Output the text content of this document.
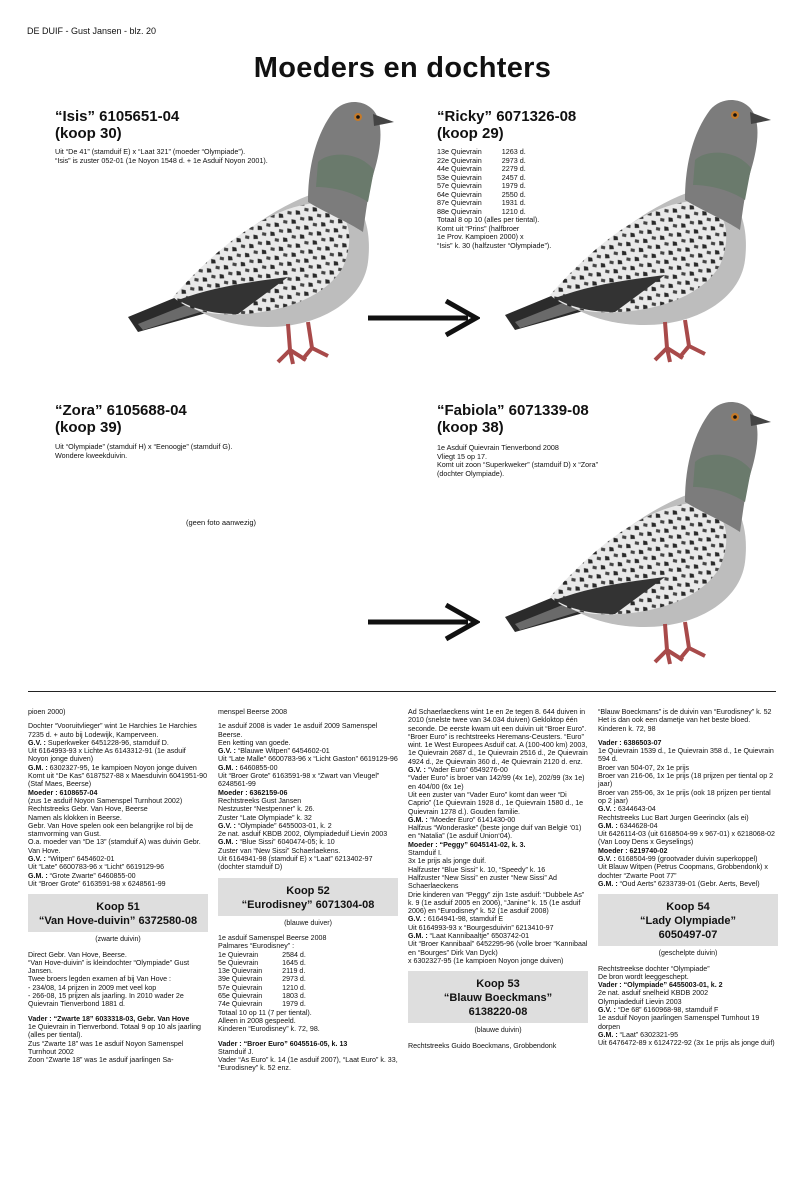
DE DUIF - Gust Jansen - blz. 20
Moeders en dochters
“Isis” 6105651-04
(koop 30)
Uit “De 41” (stamduif E) x “Laat 321” (moeder “Olympiade”).
“Isis” is zuster 052-01 (1e Noyon 1548 d. + 1e Asduif Noyon 2001).
“Ricky” 6071326-08
(koop 29)
13e Quievrain	1263 d.
22e Quievrain	2973 d.
44e Quievrain	2279 d.
53e Quievrain	2457 d.
57e Quievrain	1979 d.
64e Quievrain	2550 d.
87e Quievrain	1931 d.
88e Quievrain	1210 d.
Totaal 8 op 10 (alles per tiental).
Komt uit “Prins” (halfbroer
1e Prov. Kampioen 2000) x
“Isis” k. 30 (halfzuster “Olympiade”).
“Zora” 6105688-04
(koop 39)
Uit “Olympiade” (stamduif H) x “Eenoogje” (stamduif G).
Wondere kweekduivin.
(geen foto aanwezig)
“Fabiola” 6071339-08
(koop 38)
1e Asduif Quievrain Tienverbond 2008
Vliegt 15 op 17.
Komt uit zoon “Superkweker” (stamduif D) x “Zora”
(dochter Olympiade).

pioen 2000)

Dochter “Vooruitvlieger” wint 1e Harchies 1e Harchies 7235 d. + auto bij Lodewijk, Kamperveen.

G.V. : Superkweker 6451228-96, stamduif D.

Uit 6164993-93 x Lichte As 6143312-91 (1e asduif Noyon jonge duiven)

G.M. : 6302327-95, 1e kampioen Noyon jonge duiven

Komt uit “De Kas” 6187527-88 x Maesduivin 6041951-90 (Staf Maes, Beerse)

Moeder : 6108657-04

(zus 1e asduif Noyon Samenspel Turnhout 2002)

Rechtstreeks Gebr. Van Hove, Beerse

Namen als klokken in Beerse.

Gebr. Van Hove spelen ook een belangrijke rol bij de stamvorming van Gust.

O.a. moeder van “De 13” (stamduif A) was duivin Gebr. Van Hove.

G.V. : “Witpen” 6454602-01

Uit “Late” 6600783-96 x “Licht” 6619129-96

G.M. : “Grote Zwarte” 6460855-00

Uit “Broer Grote” 6163591-98 x 6248561-99

Koop 51
“Van Hove-duivin” 6372580-08
(zwarte duivin)

Direct Gebr. Van Hove, Beerse.

“Van Hove-duivin” is kleindochter “Olympiade” Gust Jansen.

Twee broers legden examen af bij Van Hove :

- 234/08, 14 prijzen in 2009 met veel kop

- 266-08, 15 prijzen als jaarling. In 2010 wader 2e Quievrain Tienverbond 1881 d.

Vader : “Zwarte 18” 6033318-03, Gebr. Van Hove

1e Quievrain in Tienverbond. Totaal 9 op 10 als jaarling (alles per tiental).

Zus “Zwarte 18” was 1e asduif Noyon Samenspel Turnhout 2002

Zoon “Zwarte 18” was 1e asduif jaarlingen Sa-

menspel Beerse 2008

1e asduif 2008 is vader 1e asduif 2009 Samenspel Beerse.

Een ketting van goede.

G.V. : “Blauwe Witpen” 6454602-01

Uit “Late Malle” 6600783-96 x “Licht Gaston” 6619129-96

G.M. : 6460855-00

Uit “Broer Grote” 6163591-98 x “Zwart van Vleugel” 6248561-99

Moeder : 6362159-06

Rechtstreeks Gust Jansen

Nestzuster “Nestpenner” k. 26.

Zuster “Late Olympiade” k. 32

G.V. : “Olympiade” 6455003-01, k. 2

2e nat. asduif KBDB 2002, Olympiadeduif Lievin 2003

G.M. : “Blue Sissi” 6040474-05; k. 10

Zuster van “New Sissi” Schaerlaekens.

Uit 6164941-98 (stamduif E) x “Laat” 6213402-97 (dochter stamduif D)

Koop 52
“Eurodisney” 6071304-08
(blauwe duiver)

1e asduif Samenspel Beerse 2008

Palmares “Eurodisney” :

1e Quievrain	2584 d.
5e Quievrain	1645 d.
13e Quievrain	2119 d.
39e Quievrain	2973 d.
57e Quievrain	1210 d.
65e Quievrain	1803 d.
74e Quievrain	1979 d.

Totaal 10 op 11 (7 per tiental).

Alleen in 2008 gespeeld.

Kinderen “Eurodisney” k. 72, 98.

Vader : “Broer Euro” 6045516-05, k. 13

Stamduif J.

Vader “As Euro” k. 14 (1e asduif 2007), “Laat Euro” k. 33, “Eurodisney” k. 52 enz.

Ad Schaerlaeckens wint 1e en 2e tegen 8. 644 duiven in 2010 (snelste twee van 34.034 duiven) Gekloktop één seconde. De eerste kwam uit een duivin uit “Broer Euro”.

“Broer Euro” is rechtstreeks Heremans-Ceusters. “Euro” wint. 1e West Europees Asduif cat. A (100-400 km) 2003, 1e Quievrain 2687 d., 1e Quievrain 2516 d., 2e Quievrain 4924 d., 2e Quievrain 360 d., 4e Quievrain 2120 d. enz.

G.V. : “Vader Euro” 6549276-00

“Vader Euro” is broer van 142/99 (4x 1e), 202/99 (3x 1e) en 404/00 (6x 1e)

Uit een zuster van “Vader Euro” komt dan weer “Di Caprio” (1e Quievrain 1928 d., 1e Quievrain 1580 d., 1e Quievrain 1278 d.). Gouden familie.

G.M. : “Moeder Euro” 6141430-00

Halfzus “Wonderaske” (beste jonge duif van België ‘01) en “Natalia” (1e asduif Union‘04).

Moeder : “Peggy” 6045141-02, k. 3.

Stamduif I.

3x 1e prijs als jonge duif.

Halfzuster “Blue Sissi” k. 10, “Speedy” k. 16

Halfzuster “New Sissi” en zuster “New Sissi” Ad Schaerlaeckens

Drie kinderen van “Peggy” zijn 1ste asduif: “Dubbele As” k. 9 (1e asduif 2005 en 2006), “Janine” k. 15 (1e asduif 2006) en “Eurodisney” k. 52 (1e asduif 2008)

G.V. : 6164941-98, stamduif E

Uit 6164993-93 x “Bourgesduivin” 6213410-97

G.M. : “Laat Kannibaaltje” 6503742-01

Uit “Broer Kannibaal” 6452295-96 (volle broer “Kannibaal en “Bourges” Dirk Van Dyck)

x 6302327-95 (1e kampioen Noyon jonge duiven)

Koop 53
“Blauw Boeckmans”
6138220-08
(blauwe duivin)

Rechtstreeks Guido Boeckmans, Grobbendonk

“Blauw Boeckmans” is de duivin van “Eurodisney” k. 52

Het is dan ook een dametje van het beste bloed.

Kinderen k. 72, 98

Vader : 6386503-07

1e Quievrain 1539 d., 1e Quievrain 358 d., 1e Quievrain 594 d.

Broer van 504-07, 2x 1e prijs

Broer van 216-06, 1x 1e prijs (18 prijzen per tiental op 2 jaar)

Broer van 255-06, 3x 1e prijs (ook 18 prijzen per tiental op 2 jaar)

G.V. : 6344643-04

Rechtstreeks Luc Bart Jurgen Geerinckx (als ei)

G.M. : 6344628-04

Uit 6426114-03 (uit 6168504-99 x 967-01) x 6218068-02 (Van Looy Dens x Geyselings)

Moeder : 6219740-02

G.V. : 6168504-99 (grootvader duivin superkoppel)

Uit Blauw Witpen (Petrus Coopmans, Grobbendonk) x dochter “Zwarte Poot 77”

G.M. : “Oud Aerts” 6233739-01 (Gebr. Aerts, Bevel)

Koop 54
“Lady Olympiade”
6050497-07
(geschelpte duivin)

Rechtstreekse dochter “Olympiade”

De bron wordt leeggeschept.

Vader : “Olympiade” 6455003-01, k. 2

2e nat. asduif snelheid KBDB 2002

Olympiadeduif Lievin 2003

G.V. : “De 68” 6160968-98, stamduif F

1e asduif Noyon jaarlingen Samenspel Turnhout 19 dorpen

G.M. : “Laat” 6302321-95

Uit 6476472-89 x 6124722-92 (3x 1e prijs als jonge duif)
